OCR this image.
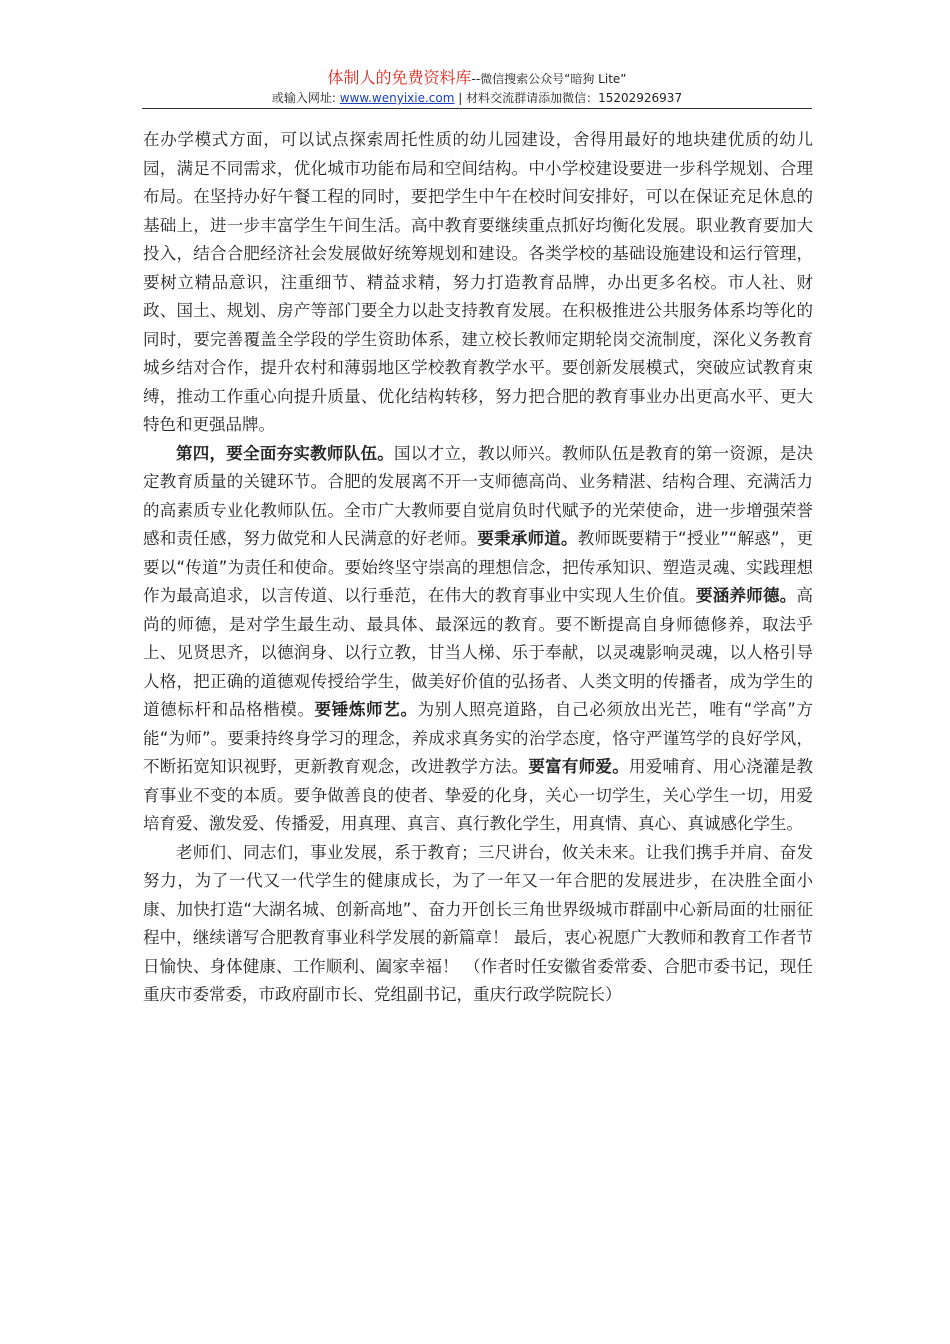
体制人的免费资料库--微信搜索公众号“暗狗 Lite”
或输入网址: www.wenyixie.com | 材料交流群请添加微信：15202926937

在办学模式方面，可以试点探索周托性质的幼儿园建设，舍得用最好的地块建优质的幼儿园，满足不同需求，优化城市功能布局和空间结构。中小学校建设要进一步科学规划、合理布局。在坚持办好午餐工程的同时，要把学生中午在校时间安排好，可以在保证充足休息的基础上，进一步丰富学生午间生活。高中教育要继续重点抓好均衡化发展。职业教育要加大投入，结合合肥经济社会发展做好统筹规划和建设。各类学校的基础设施建设和运行管理，要树立精品意识，注重细节、精益求精，努力打造教育品牌，办出更多名校。市人社、财政、国土、规划、房产等部门要全力以赴支持教育发展。在积极推进公共服务体系均等化的同时，要完善覆盖全学段的学生资助体系，建立校长教师定期轮岗交流制度，深化义务教育城乡结对合作，提升农村和薄弱地区学校教育教学水平。要创新发展模式，突破应试教育束缚，推动工作重心向提升质量、优化结构转移，努力把合肥的教育事业办出更高水平、更大特色和更强品牌。

第四，要全面夯实教师队伍。国以才立，教以师兴。教师队伍是教育的第一资源，是决定教育质量的关键环节。合肥的发展离不开一支师德高尚、业务精湛、结构合理、充满活力的高素质专业化教师队伍。全市广大教师要自觉肩负时代赋予的光荣使命，进一步增强荣誉感和责任感，努力做党和人民满意的好老师。要秉承师道。教师既要精于“授业”“解惑”，更要以“传道”为责任和使命。要始终坚守崇高的理想信念，把传承知识、塑造灵魂、实践理想作为最高追求，以言传道、以行垂范，在伟大的教育事业中实现人生价值。要涵养师德。高尚的师德，是对学生最生动、最具体、最深远的教育。要不断提高自身师德修养，取法乎上、见贤思齐，以德润身、以行立教，甘当人梯、乐于奉献，以灵魂影响灵魂，以人格引导人格，把正确的道德观传授给学生，做美好价值的弘扬者、人类文明的传播者，成为学生的道德标杆和品格楷模。要锤炼师艺。为别人照亮道路，自己必须放出光芒，唯有“学高”方能“为师”。要秉持终身学习的理念，养成求真务实的治学态度，恪守严谨笃学的良好学风，不断拓宽知识视野，更新教育观念，改进教学方法。要富有师爱。用爱哺育、用心浇灌是教育事业不变的本质。要争做善良的使者、挚爱的化身，关心一切学生，关心学生一切，用爱培育爱、激发爱、传播爱，用真理、真言、真行教化学生，用真情、真心、真诚感化学生。

老师们、同志们，事业发展，系于教育；三尺讲台，攸关未来。让我们携手并肩、奋发努力，为了一代又一代学生的健康成长，为了一年又一年合肥的发展进步，在决胜全面小康、加快打造“大湖名城、创新高地”、奋力开创长三角世界级城市群副中心新局面的壮丽征程中，继续谱写合肥教育事业科学发展的新篇章！ 最后，衷心祝愿广大教师和教育工作者节日愉快、身体健康、工作顺利、阖家幸福！ （作者时任安徽省委常委、合肥市委书记，现任重庆市委常委，市政府副市长、党组副书记，重庆行政学院院长）
